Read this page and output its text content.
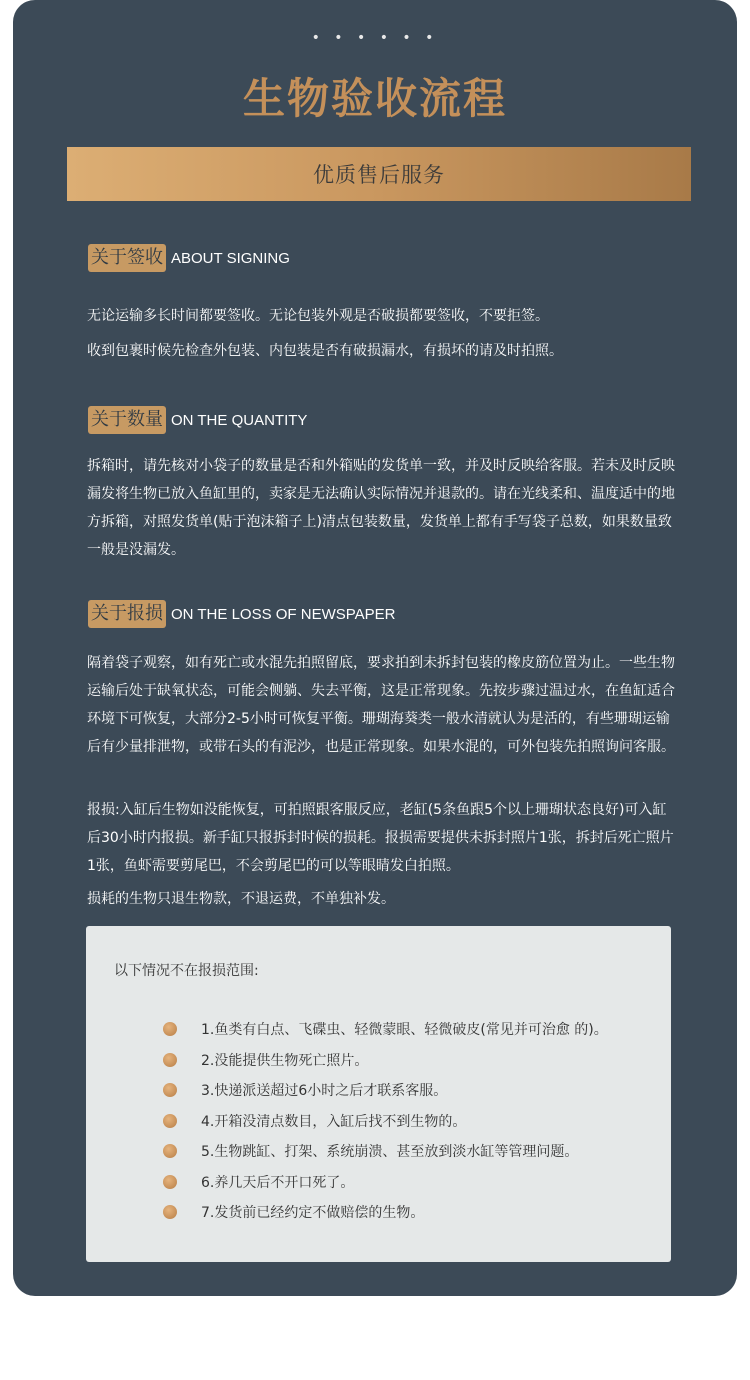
• • • • • •
生物验收流程
优质售后服务
关于签收 ABOUT SIGNING

无论运输多长时间都要签收。无论包装外观是否破损都要签收，不要拒签。

收到包裹时候先检查外包装、内包装是否有破损漏水，有损坏的请及时拍照。

关于数量 ON THE QUANTITY

拆箱时，请先核对小袋子的数量是否和外箱贴的发货单一致，并及时反映给客服。若未及时反映漏发将生物已放入鱼缸里的，卖家是无法确认实际情况并退款的。请在光线柔和、温度适中的地方拆箱，对照发货单(贴于泡沫箱子上)清点包装数量，发货单上都有手写袋子总数，如果数量致一般是没漏发。

关于报损 ON THE LOSS OF NEWSPAPER

隔着袋子观察，如有死亡或水混先拍照留底，要求拍到未拆封包装的橡皮筋位置为止。一些生物运输后处于缺氧状态，可能会侧躺、失去平衡，这是正常现象。先按步骤过温过水，在鱼缸适合环境下可恢复，大部分2-5小时可恢复平衡。珊瑚海葵类一般水清就认为是活的，有些珊瑚运输后有少量排泄物，或带石头的有泥沙，也是正常现象。如果水混的，可外包装先拍照询问客服。

报损:入缸后生物如没能恢复，可拍照跟客服反应，老缸(5条鱼跟5个以上珊瑚状态良好)可入缸后30小时内报损。新手缸只报拆封时候的损耗。报损需要提供未拆封照片1张，拆封后死亡照片1张，鱼虾需要剪尾巴，不会剪尾巴的可以等眼睛发白拍照。

损耗的生物只退生物款，不退运费，不单独补发。

以下情况不在报损范围:
1.鱼类有白点、飞碟虫、轻微蒙眼、轻微破皮(常见并可治愈 的)。
2.没能提供生物死亡照片。
3.快递派送超过6小时之后才联系客服。
4.开箱没清点数目，入缸后找不到生物的。
5.生物跳缸、打架、系统崩溃、甚至放到淡水缸等管理问题。
6.养几天后不开口死了。
7.发货前已经约定不做赔偿的生物。
